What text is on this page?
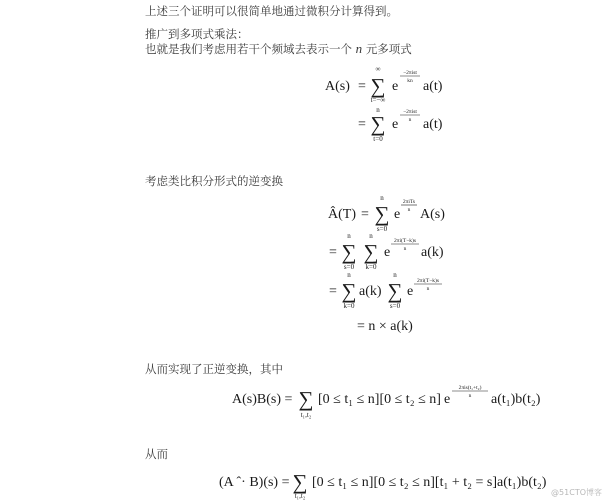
上述三个证明可以很简单地通过微积分计算得到。

推广到多项式乘法：

也就是我们考虑用若干个频域去表示一个 n 元多项式

A(s) =
∞
∑
t=−∞
e
−2πist
kn a(t)
=
n
∑
t=0
e
−2πist
n a(t)

考虑类比积分形式的逆变换

Â(T) =
n
∑
s=0
e
2πiTs
n A(s)
=
n
∑
s=0
n
∑
k=0
e
2πi(T−k)s
n a(k)
=
n
∑
k=0
a(k)
n
∑
s=0
e
2πi(T−k)s
n
= n × a(k)

从而实现了正逆变换，其中

A(s)B(s) = ∑
t₁,t₂
[0 ≤ t₁ ≤ n][0 ≤ t₂ ≤ n] e
2πis(t₁+t₂)
n a(t₁)b(t₂)

从而

(A ˆ· B)(s) = ∑
t₁,t₂
[0 ≤ t₁ ≤ n][0 ≤ t₂ ≤ n][t₁ + t₂ = s]a(t₁)b(t₂)
@51CTO博客
